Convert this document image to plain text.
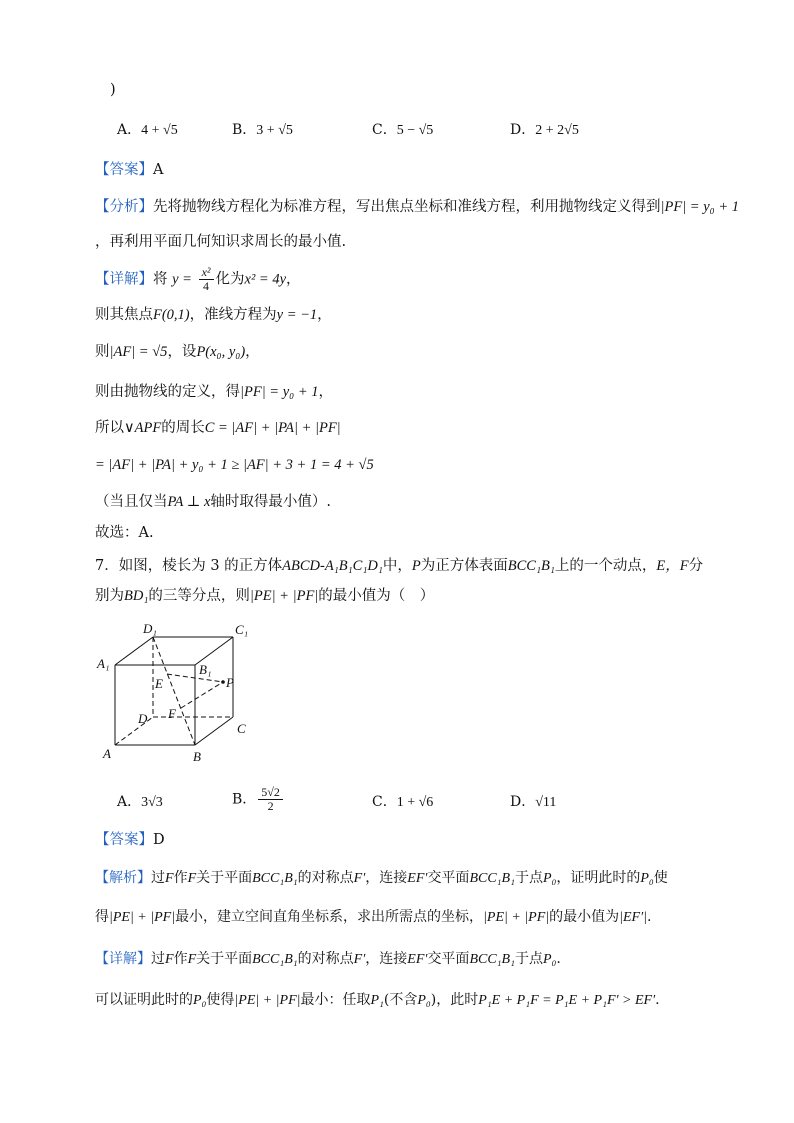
)
A．4 + √5	B．3 + √5	C．5 − √5	D．2 + 2√5
【答案】A
【分析】先将抛物线方程化为标准方程，写出焦点坐标和准线方程，利用抛物线定义得到|PF| = y₀ + 1
，再利用平面几何知识求周长的最小值.
【详解】将 $y = \frac{\text{x²}}{4}$ 化为x² = 4y，
则其焦点F(0,1)，准线方程为y = −1，
则|AF| = √5，设P(x₀, y₀)，
则由抛物线的定义，得|PF| = y₀ + 1，
所以∨APF的周长C = |AF| + |PA| + |PF|
= |AF| + |PA| + y₀ + 1 ≥ |AF| + 3 + 1 = 4 + √5
（当且仅当PA ⊥ x轴时取得最小值）.
故选：A.
7．如图，棱长为 3 的正方体ABCD-A₁B₁C₁D₁中，P为正方体表面BCC₁B₁上的一个动点，E，F分
别为BD₁的三等分点，则|PE| + |PF|的最小值为（　）
D₁	C₁
A₁	B₁
E	P
D F
C
A	B
A．3√3	B． $\frac{5√2}{2}$	C．1 + √6	D．√11
【答案】D
【解析】过F作F关于平面BCC₁B₁的对称点F′，连接EF′交平面BCC₁B₁于点P₀，证明此时的P₀使
得|PE| + |PF|最小，建立空间直角坐标系，求出所需点的坐标，|PE| + |PF|的最小值为|EF′|.
【详解】过F作F关于平面BCC₁B₁的对称点F′，连接EF′交平面BCC₁B₁于点P₀.
可以证明此时的P₀使得|PE| + |PF|最小：任取P₁(不含P₀)，此时P₁E + P₁F = P₁E + P₁F′ > EF′.
